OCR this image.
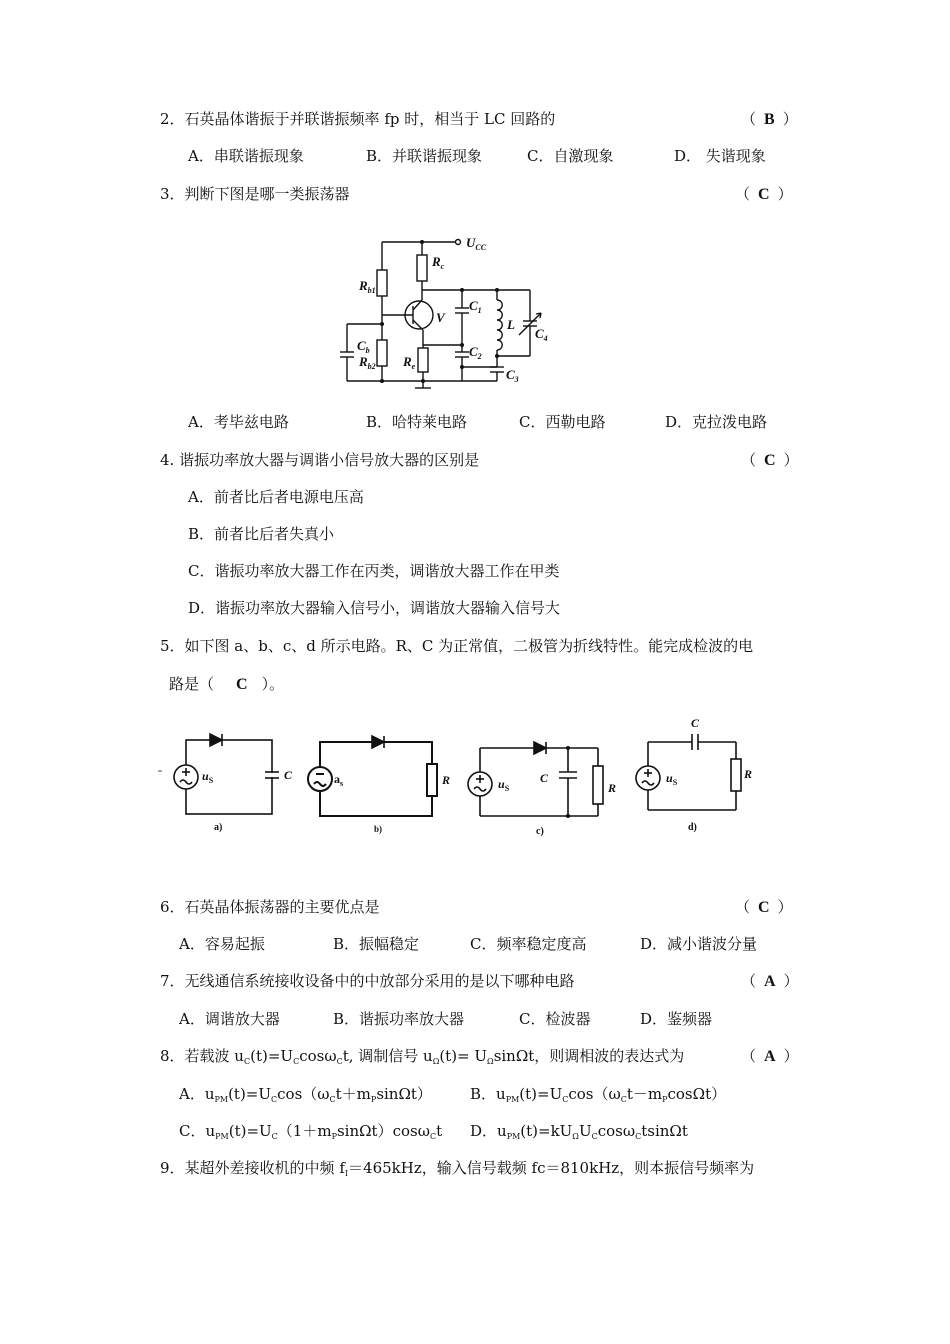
2．石英晶体谐振于并联谐振频率 fp 时，相当于 LC 回路的	（ B ）
A．串联谐振现象	B．并联谐振现象	C．自激现象	D． 失谐现象
3．判断下图是哪一类振荡器	（ C ）
$U_{CC}$
$R_c$
$R_{b1}$
$R_{b2}$
$C_b$
$R_e$
V
$C_1$
$C_2$
$C_3$
$C_4$
L
A．考毕兹电路	B．哈特莱电路	C．西勒电路	D．克拉泼电路
4. 谐振功率放大器与调谐小信号放大器的区别是	（ C ）
A．前者比后者电源电压高
B．前者比后者失真小
C．谐振功率放大器工作在丙类，调谐放大器工作在甲类
D．谐振功率放大器输入信号小，调谐放大器输入信号大
5．如下图 a、b、c、d 所示电路。R、C 为正常值，二极管为折线特性。能完成检波的电
路是（ C ）。
$u_S$	C
a)
$a_s$	R
b)
$u_S$
C
R
c)
C
$u_S$
R
d)
6．石英晶体振荡器的主要优点是	（ C ）
A．容易起振	B．振幅稳定	C．频率稳定度高	D．减小谐波分量
7．无线通信系统接收设备中的中放部分采用的是以下哪种电路	（ A ）
A．调谐放大器	B．谐振功率放大器	C．检波器	D．鉴频器
8．若载波 $u_C(t)=U_C\cos\omega_Ct$, 调制信号 $u_\Omega(t)= U_\Omega\sin\Omega t$，则调相波的表达式为	（ A ）
A．$u_{PM}(t)=U_C\cos(\omega_Ct+m_P\sin\Omega t)$	B．$u_{PM}(t)=U_C\cos(\omega_Ct-m_P\cos\Omega t)$
C．$u_{PM}(t)=U_C(1+m_P\sin\Omega t)\cos\omega_Ct$ D．$u_{PM}(t)=kU_\Omega U_C\cos\omega_Ctsin\Omega t$
9．某超外差接收机的中频 $f_I=465kHz$，输入信号载频 fc＝810kHz，则本振信号频率为
